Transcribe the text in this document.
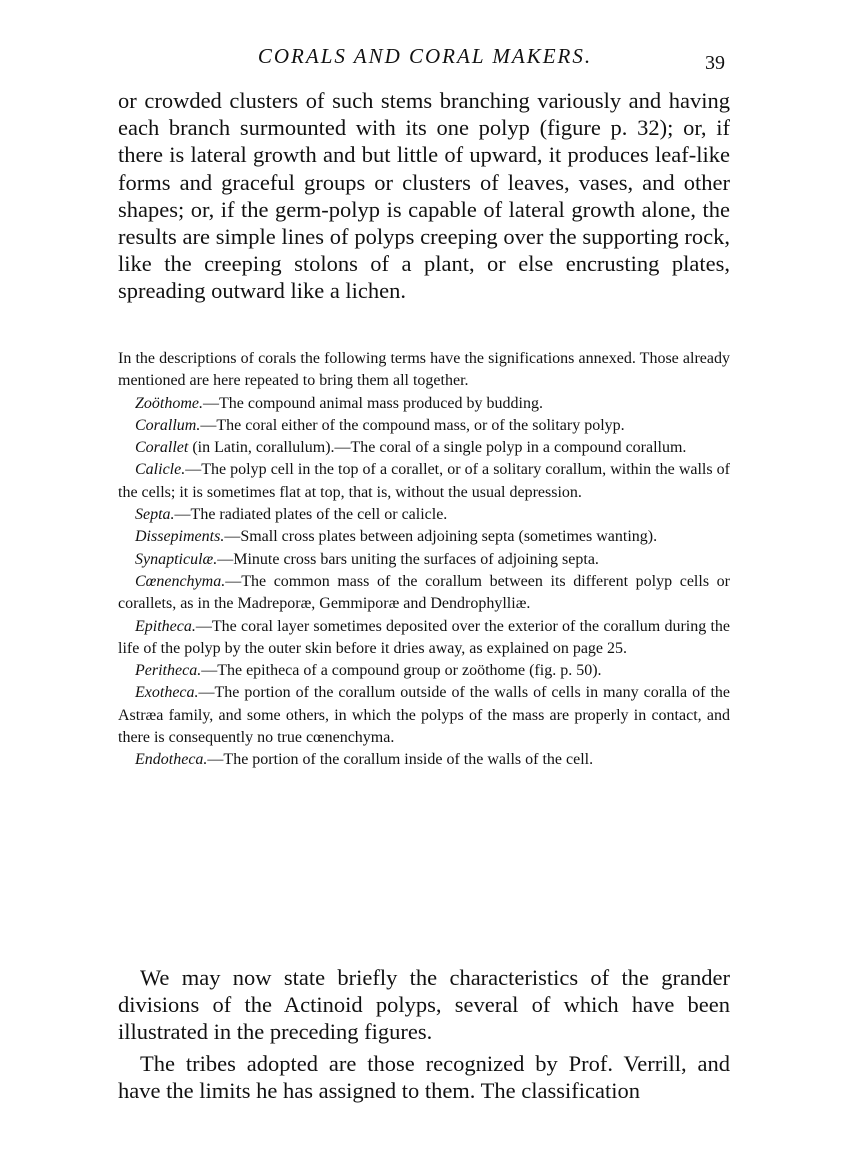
CORALS AND CORAL MAKERS.	39

or crowded clusters of such stems branching variously and having each branch surmounted with its one polyp (figure p. 32); or, if there is lateral growth and but little of upward, it produces leaf-like forms and graceful groups or clusters of leaves, vases, and other shapes; or, if the germ-polyp is capable of lateral growth alone, the results are simple lines of polyps creeping over the supporting rock, like the creeping stolons of a plant, or else encrusting plates, spreading outward like a lichen.

In the descriptions of corals the following terms have the significations annexed. Those already mentioned are here repeated to bring them all together.

Zoöthome.—The compound animal mass produced by budding.

Corallum.—The coral either of the compound mass, or of the solitary polyp.

Corallet (in Latin, corallulum).—The coral of a single polyp in a compound corallum.

Calicle.—The polyp cell in the top of a corallet, or of a solitary corallum, within the walls of the cells; it is sometimes flat at top, that is, without the usual depression.

Septa.—The radiated plates of the cell or calicle.

Dissepiments.—Small cross plates between adjoining septa (sometimes wanting).

Synapticulæ.—Minute cross bars uniting the surfaces of adjoining septa.

Cœnenchyma.—The common mass of the corallum between its different polyp cells or corallets, as in the Madreporæ, Gemmiporæ and Dendrophylliæ.

Epitheca.—The coral layer sometimes deposited over the exterior of the corallum during the life of the polyp by the outer skin before it dries away, as explained on page 25.

Peritheca.—The epitheca of a compound group or zoöthome (fig. p. 50).

Exotheca.—The portion of the corallum outside of the walls of cells in many coralla of the Astræa family, and some others, in which the polyps of the mass are properly in contact, and there is consequently no true cœnenchyma.

Endotheca.—The portion of the corallum inside of the walls of the cell.

We may now state briefly the characteristics of the grander divisions of the Actinoid polyps, several of which have been illustrated in the preceding figures.

The tribes adopted are those recognized by Prof. Verrill, and have the limits he has assigned to them. The classification
